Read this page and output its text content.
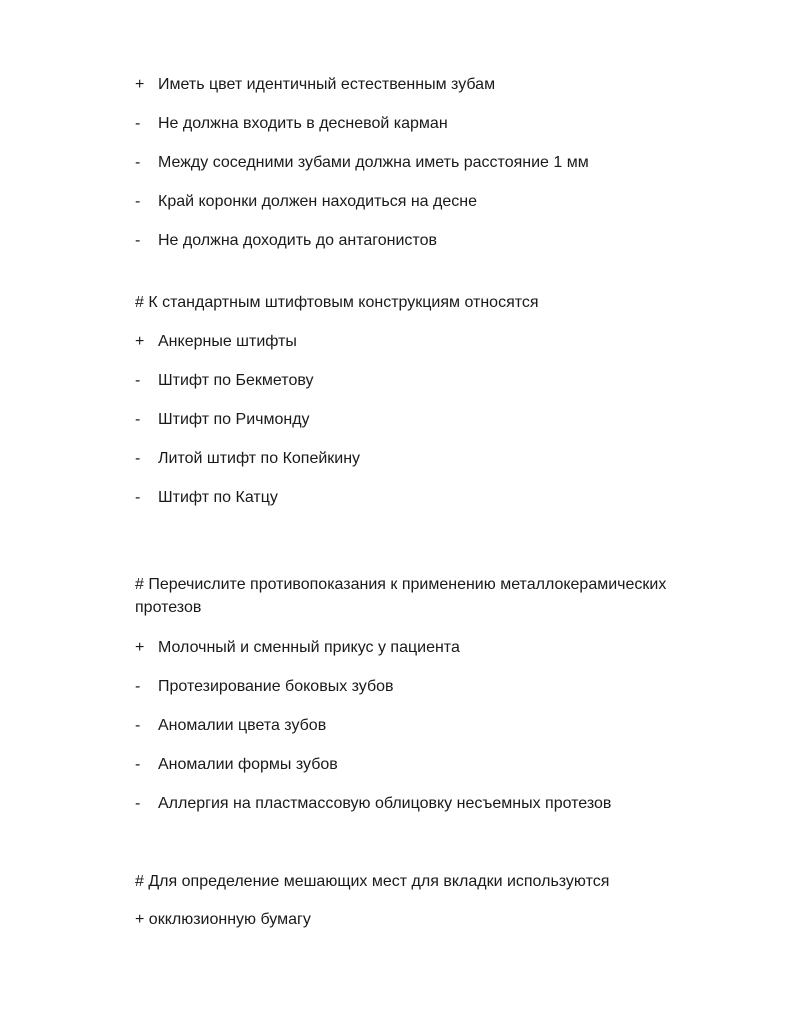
+ Иметь цвет идентичный естественным зубам
-	Не должна входить в десневой карман
-	Между соседними зубами должна иметь расстояние 1 мм
-	Край коронки должен находиться на десне
-	Не должна доходить до антагонистов
# К стандартным штифтовым конструкциям относятся
+ Анкерные штифты
-	Штифт по Бекметову
-	Штифт по Ричмонду
-	Литой штифт по Копейкину
-	Штифт по Катцу
# Перечислите противопоказания к применению металлокерамических протезов
+ Молочный и сменный прикус у пациента
-	Протезирование боковых зубов
-	Аномалии цвета зубов
-	Аномалии формы зубов
-	Аллергия на пластмассовую облицовку несъемных протезов
# Для определение мешающих мест для вкладки используются
+ окклюзионную бумагу
